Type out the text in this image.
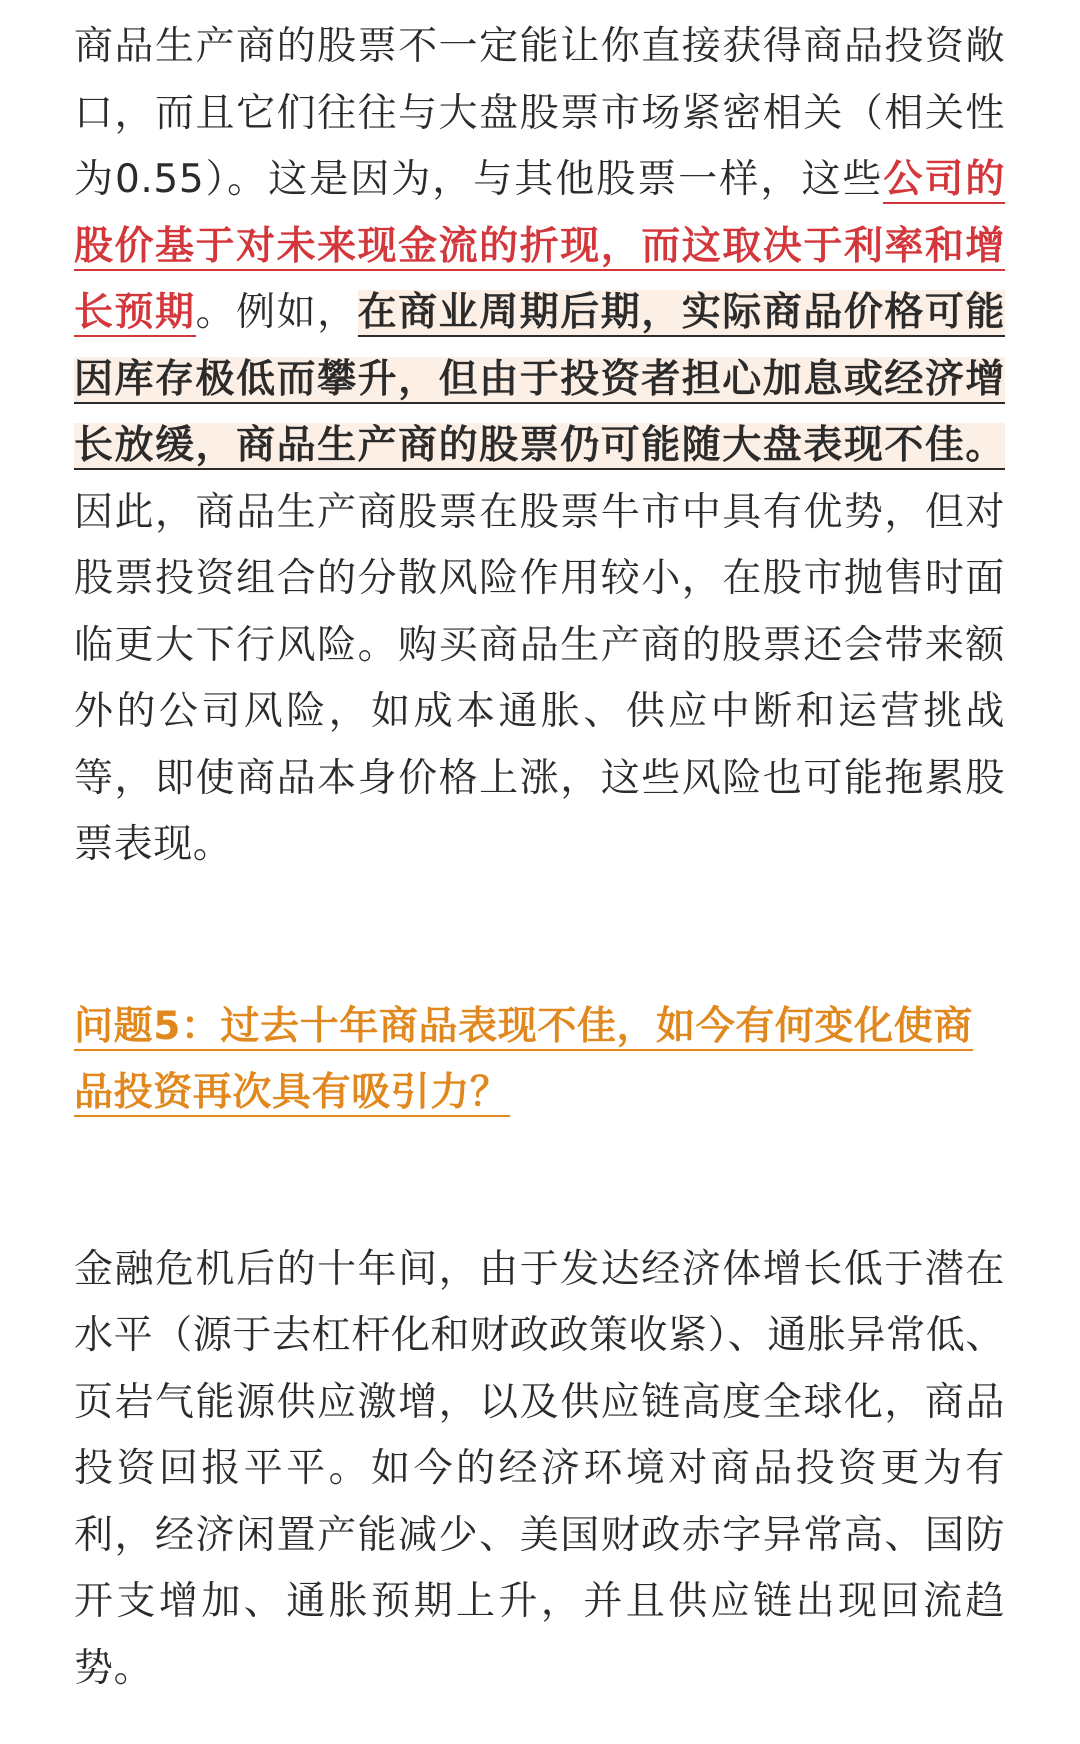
商品生产商的股票不一定能让你直接获得商品投资敞口，而且它们往往与大盘股票市场紧密相关（相关性为0.55）。这是因为，与其他股票一样，这些公司的股价基于对未来现金流的折现，而这取决于利率和增长预期。例如，在商业周期后期，实际商品价格可能因库存极低而攀升，但由于投资者担心加息或经济增长放缓，商品生产商的股票仍可能随大盘表现不佳。因此，商品生产商股票在股票牛市中具有优势，但对股票投资组合的分散风险作用较小，在股市抛售时面临更大下行风险。购买商品生产商的股票还会带来额外的公司风险，如成本通胀、供应中断和运营挑战等，即使商品本身价格上涨，这些风险也可能拖累股票表现。

问题5：过去十年商品表现不佳，如今有何变化使商品投资再次具有吸引力？

金融危机后的十年间，由于发达经济体增长低于潜在水平（源于去杠杆化和财政政策收紧）、通胀异常低、页岩气能源供应激增，以及供应链高度全球化，商品投资回报平平。如今的经济环境对商品投资更为有利，经济闲置产能减少、美国财政赤字异常高、国防开支增加、通胀预期上升，并且供应链出现回流趋势。
